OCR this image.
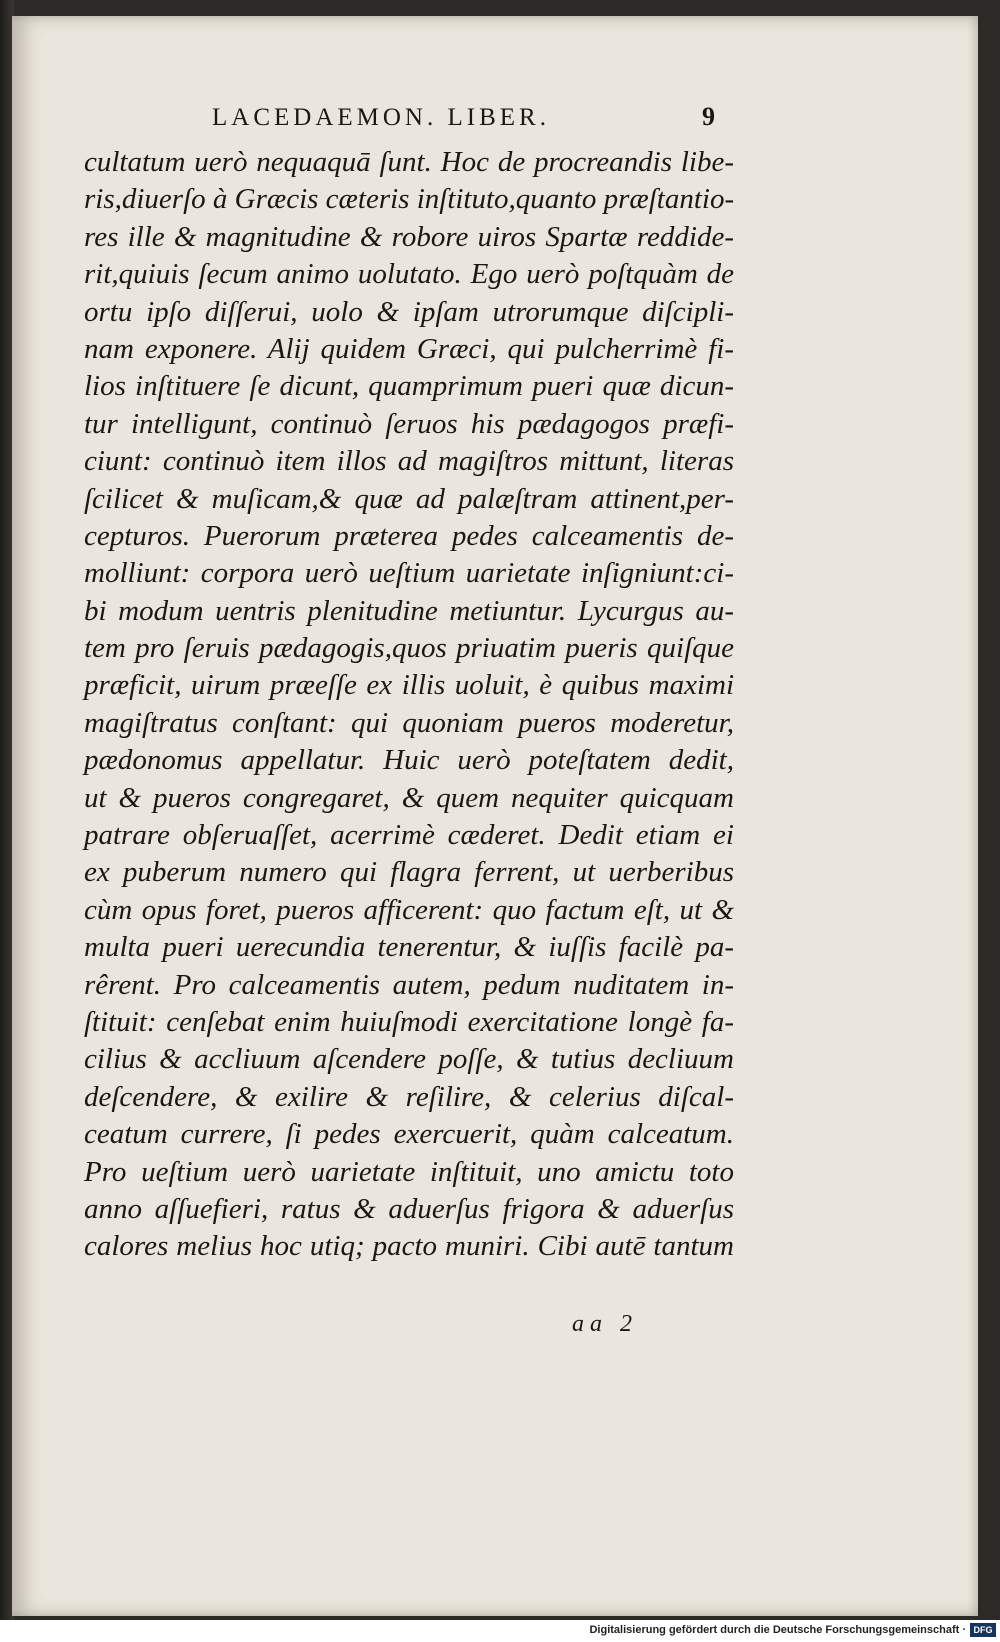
LACEDAEMON. LIBER.	9
cultatum uerò nequaquā ſunt. Hoc de procreandis libe-
ris,diuerſo à Græcis cæteris inſtituto,quanto præſtantio-
res ille & magnitudine & robore uiros Spartæ reddide-
rit,quiuis ſecum animo uolutato. Ego uerò poſtquàm de
ortu ipſo diſſerui, uolo & ipſam utrorumque diſcipli-
nam exponere. Alij quidem Græci, qui pulcherrimè fi-
lios inſtituere ſe dicunt, quamprimum pueri quæ dicun-
tur intelligunt, continuò ſeruos his pædagogos præfi-
ciunt: continuò item illos ad magiſtros mittunt, literas
ſcilicet & muſicam,& quæ ad palæſtram attinent,per-
cepturos. Puerorum præterea pedes calceamentis de-
molliunt: corpora uerò ueſtium uarietate inſigniunt:ci-
bi modum uentris plenitudine metiuntur. Lycurgus au-
tem pro ſeruis pædagogis,quos priuatim pueris quiſque
præficit, uirum præeſſe ex illis uoluit, è quibus maximi
magiſtratus conſtant: qui quoniam pueros moderetur,
pædonomus appellatur. Huic uerò poteſtatem dedit,
ut & pueros congregaret, & quem nequiter quicquam
patrare obſeruaſſet, acerrimè cæderet. Dedit etiam ei
ex puberum numero qui flagra ferrent, ut uerberibus
cùm opus foret, pueros afficerent: quo factum eſt, ut &
multa pueri uerecundia tenerentur, & iuſſis facilè pa-
rêrent. Pro calceamentis autem, pedum nuditatem in-
ſtituit: cenſebat enim huiuſmodi exercitatione longè fa-
cilius & accliuum aſcendere poſſe, & tutius decliuum
deſcendere, & exilire & reſilire, & celerius diſcal-
ceatum currere, ſi pedes exercuerit, quàm calceatum.
Pro ueſtium uerò uarietate inſtituit, uno amictu toto
anno aſſuefieri, ratus & aduerſus frigora & aduerſus
calores melius hoc utiq; pacto muniri. Cibi autē tantum
aa 2
Digitalisierung gefördert durch die Deutsche Forschungsgemeinschaft · DFG
